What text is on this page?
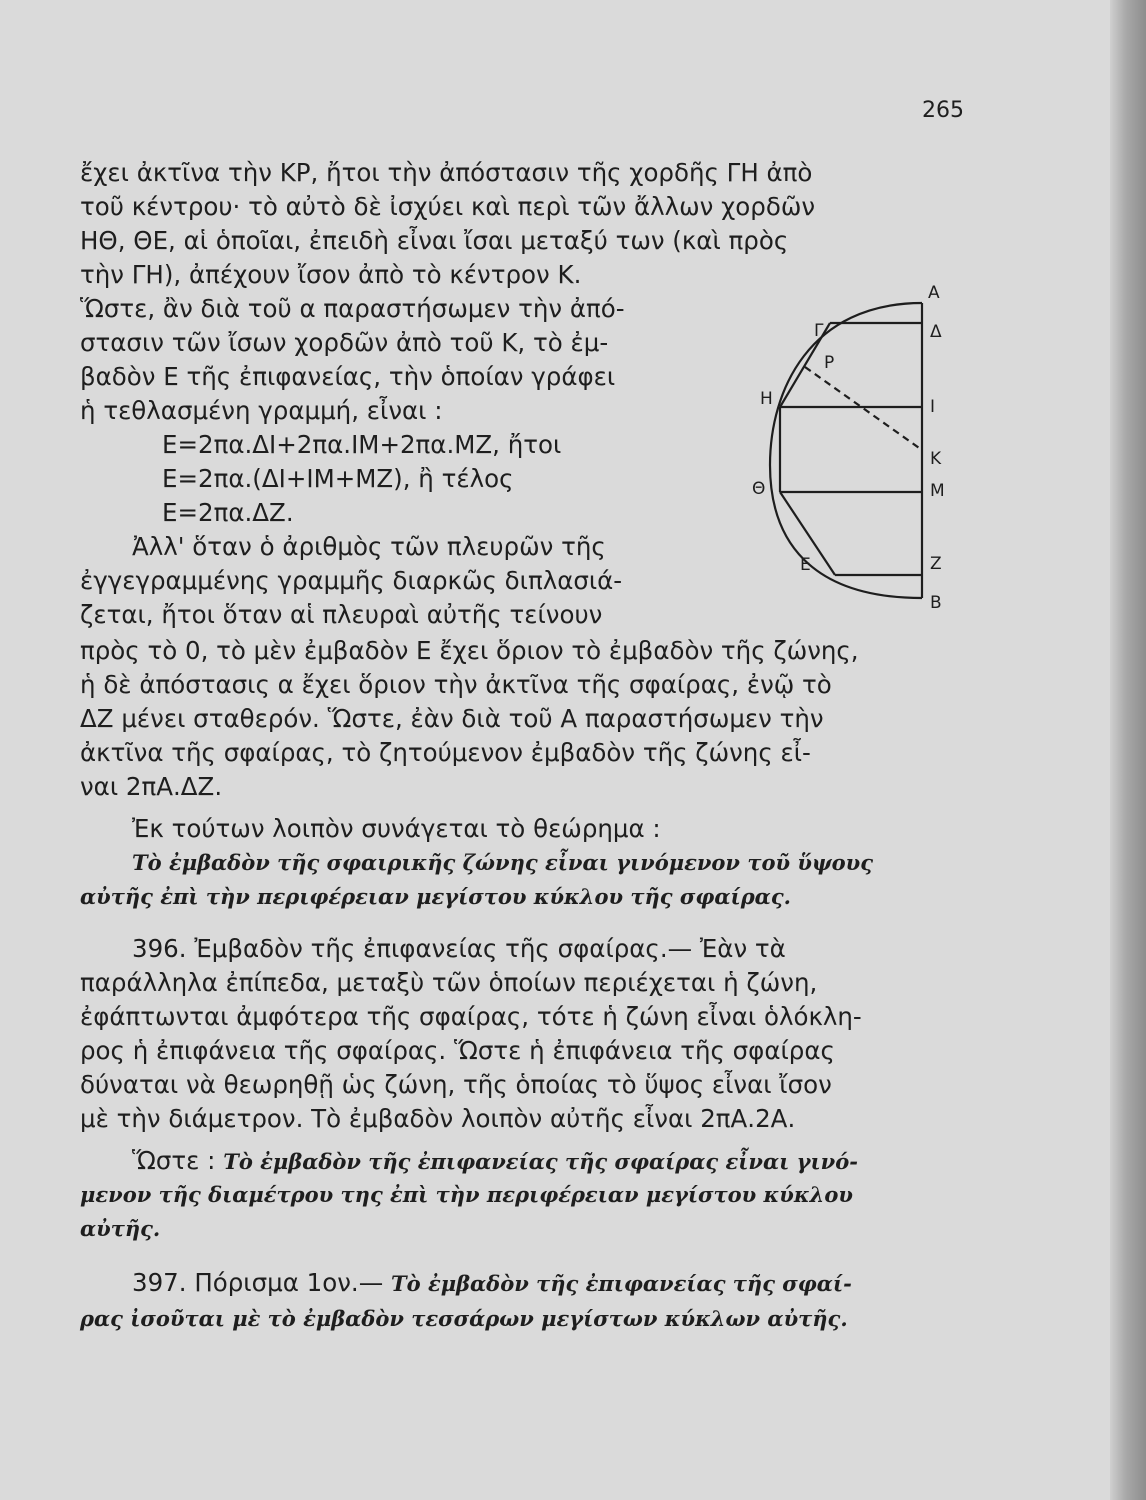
265
ἔχει ἀκτῖνα τὴν ΚΡ, ἤτοι τὴν ἀπόστασιν τῆς χορδῆς ΓΗ ἀπὸ
τοῦ κέντρου· τὸ αὐτὸ δὲ ἰσχύει καὶ περὶ τῶν ἄλλων χορδῶν
ΗΘ, ΘΕ, αἱ ὁποῖαι, ἐπειδὴ εἶναι ἴσαι μεταξύ των (καὶ πρὸς
τὴν ΓΗ), ἀπέχουν ἴσον ἀπὸ τὸ κέντρον Κ.
Ὥστε, ἂν διὰ τοῦ α παραστήσωμεν τὴν ἀπό-
στασιν τῶν ἴσων χορδῶν ἀπὸ τοῦ Κ, τὸ ἐμ-
βαδὸν Ε τῆς ἐπιφανείας, τὴν ὁποίαν γράφει
ἡ τεθλασμένη γραμμή, εἶναι :
Ε=2πα.ΔΙ+2πα.ΙΜ+2πα.ΜΖ, ἤτοι
Ε=2πα.(ΔΙ+ΙΜ+ΜΖ), ἢ τέλος
Ε=2πα.ΔΖ.
Ἀλλ' ὅταν ὁ ἀριθμὸς τῶν πλευρῶν τῆς
ἐγγεγραμμένης γραμμῆς διαρκῶς διπλασιά-
ζεται, ἤτοι ὅταν αἱ πλευραὶ αὐτῆς τείνουν
πρὸς τὸ 0, τὸ μὲν ἐμβαδὸν Ε ἔχει ὅριον τὸ ἐμβαδὸν τῆς ζώνης,
ἡ δὲ ἀπόστασις α ἔχει ὅριον τὴν ἀκτῖνα τῆς σφαίρας, ἐνῷ τὸ
ΔΖ μένει σταθερόν. Ὥστε, ἐὰν διὰ τοῦ Α παραστήσωμεν τὴν
ἀκτῖνα τῆς σφαίρας, τὸ ζητούμενον ἐμβαδὸν τῆς ζώνης εἶ-
ναι 2πΑ.ΔΖ.
Ἐκ τούτων λοιπὸν συνάγεται τὸ θεώρημα :
Τὸ ἐμβαδὸν τῆς σφαιρικῆς ζώνης εἶναι γινόμενον τοῦ ὕψους
αὐτῆς ἐπὶ τὴν περιφέρειαν μεγίστου κύκλου τῆς σφαίρας.
396. Ἐμβαδὸν τῆς ἐπιφανείας τῆς σφαίρας.— Ἐὰν τὰ
παράλληλα ἐπίπεδα, μεταξὺ τῶν ὁποίων περιέχεται ἡ ζώνη,
ἐφάπτωνται ἀμφότερα τῆς σφαίρας, τότε ἡ ζώνη εἶναι ὁλόκλη-
ρος ἡ ἐπιφάνεια τῆς σφαίρας. Ὥστε ἡ ἐπιφάνεια τῆς σφαίρας
δύναται νὰ θεωρηθῇ ὡς ζώνη, τῆς ὁποίας τὸ ὕψος εἶναι ἴσον
μὲ τὴν διάμετρον. Τὸ ἐμβαδὸν λοιπὸν αὐτῆς εἶναι 2πΑ.2Α.
Ὥστε :
Τὸ ἐμβαδὸν τῆς ἐπιφανείας τῆς σφαίρας εἶναι γινό-
μενον τῆς διαμέτρου της ἐπὶ τὴν περιφέρειαν μεγίστου κύκλου
αὐτῆς.
397. Πόρισμα 1ον.—
Τὸ ἐμβαδὸν τῆς ἐπιφανείας τῆς σφαί-
ρας ἰσοῦται μὲ τὸ ἐμβαδὸν τεσσάρων μεγίστων κύκλων αὐτῆς.
Α
Γ	Δ
Ρ
Η	Ι
Κ
Θ	Μ
Ε	Ζ
Β
